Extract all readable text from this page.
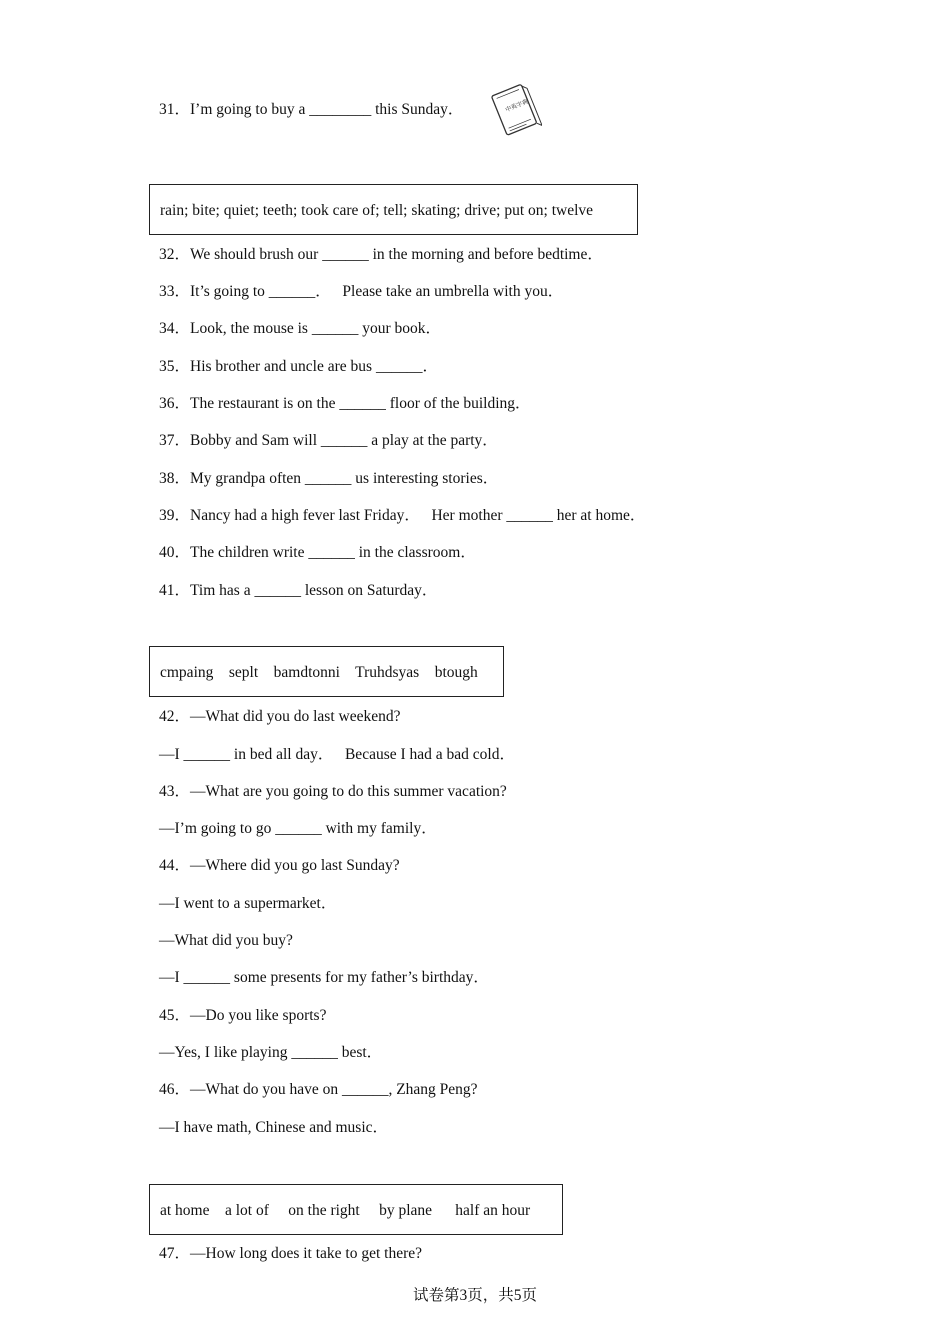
31．I’m going to buy a ________ this Sunday．	中英字典
rain; bite; quiet; teeth; took care of; tell; skating; drive; put on; twelve
32．We should brush our ______ in the morning and before bedtime．
33．It’s going to ______．   Please take an umbrella with you．
34．Look, the mouse is ______ your book．
35．His brother and uncle are bus ______．
36．The restaurant is on the ______ floor of the building．
37．Bobby and Sam will ______ a play at the party．
38．My grandpa often ______ us interesting stories．
39．Nancy had a high fever last Friday．   Her mother ______ her at home．
40．The children write ______ in the classroom．
41．Tim has a ______ lesson on Saturday．
cmpaing    seplt    bamdtonni    Truhdsyas    btough
42．—What did you do last weekend?
—I ______ in bed all day．   Because I had a bad cold．
43．—What are you going to do this summer vacation?
—I’m going to go ______ with my family．
44．—Where did you go last Sunday?
—I went to a supermarket．
—What did you buy?
—I ______ some presents for my father’s birthday．
45．—Do you like sports?
—Yes, I like playing ______ best．
46．—What do you have on ______, Zhang Peng?
—I have math, Chinese and music．
at home    a lot of     on the right     by plane      half an hour
47．—How long does it take to get there?
试卷第3页，共5页
